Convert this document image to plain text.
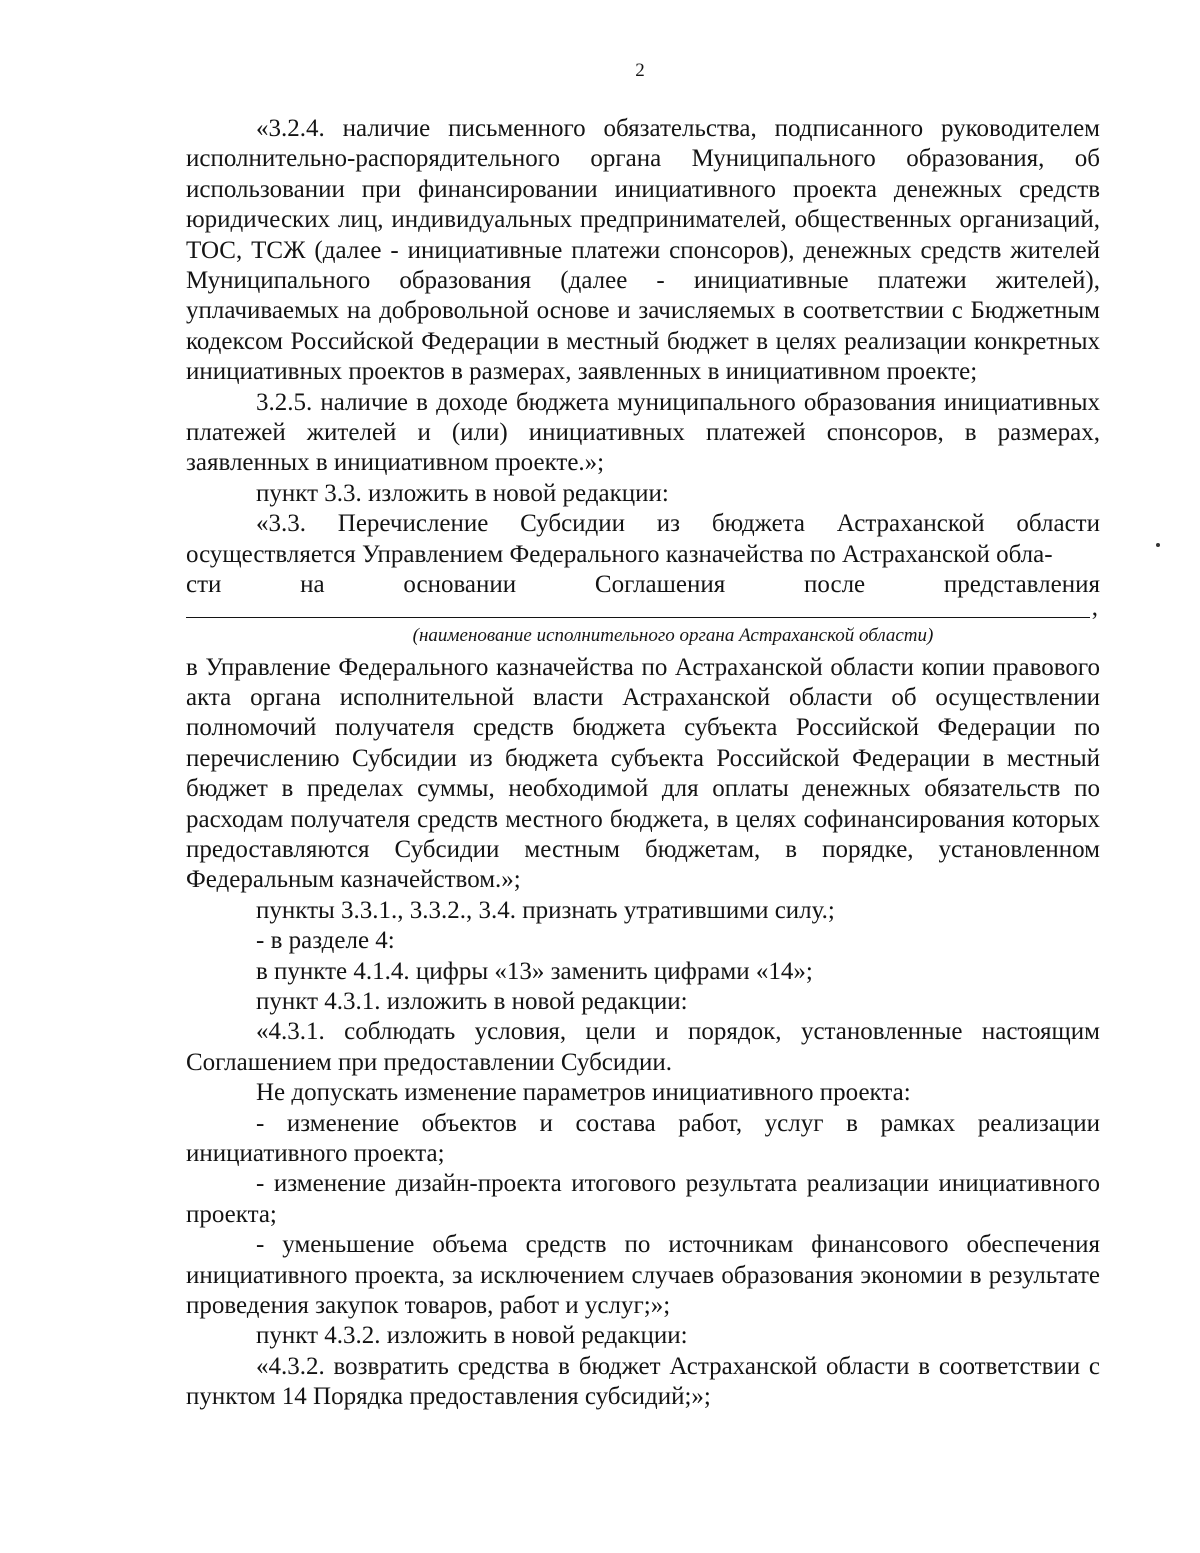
2

«3.2.4. наличие письменного обязательства, подписанного руководителем исполнительно-распорядительного органа Муниципального образования, об использовании при финансировании инициативного проекта денежных средств юридических лиц, индивидуальных предпринимателей, общественных организаций, ТОС, ТСЖ (далее - инициативные платежи спонсоров), денежных средств жителей Муниципального образования (далее - инициативные платежи жителей), уплачиваемых на добровольной основе и зачисляемых в соответствии с Бюджетным кодексом Российской Федерации в местный бюджет в целях реализации конкретных инициативных проектов в размерах, заявленных в инициативном проекте;

3.2.5. наличие в доходе бюджета муниципального образования инициативных платежей жителей и (или) инициативных платежей спонсоров, в размерах, заявленных в инициативном проекте.»;

пункт 3.3. изложить в новой редакции:

«3.3. Перечисление Субсидии из бюджета Астраханской области осуществляется Управлением Федерального казначейства по Астраханской обла-

сти	на	основании	Соглашения	после	представления
,

(наименование исполнительного органа Астраханской области)

в Управление Федерального казначейства по Астраханской области копии правового акта органа исполнительной власти Астраханской области об осуществлении полномочий получателя средств бюджета субъекта Российской Федерации по перечислению Субсидии из бюджета субъекта Российской Федерации в местный бюджет в пределах суммы, необходимой для оплаты денежных обязательств по расходам получателя средств местного бюджета, в целях софинансирования которых предоставляются Субсидии местным бюджетам, в порядке, установленном Федеральным казначейством.»;

пункты 3.3.1., 3.3.2., 3.4. признать утратившими силу.;

- в разделе 4:

в пункте 4.1.4. цифры «13» заменить цифрами «14»;

пункт 4.3.1. изложить в новой редакции:

«4.3.1. соблюдать условия, цели и порядок, установленные настоящим Соглашением при предоставлении Субсидии.

Не допускать изменение параметров инициативного проекта:

- изменение объектов и состава работ, услуг в рамках реализации инициативного проекта;

- изменение дизайн-проекта итогового результата реализации инициативного проекта;

- уменьшение объема средств по источникам финансового обеспечения инициативного проекта, за исключением случаев образования экономии в результате проведения закупок товаров, работ и услуг;»;

пункт 4.3.2. изложить в новой редакции:

«4.3.2. возвратить средства в бюджет Астраханской области в соответствии с пунктом 14 Порядка предоставления субсидий;»;
